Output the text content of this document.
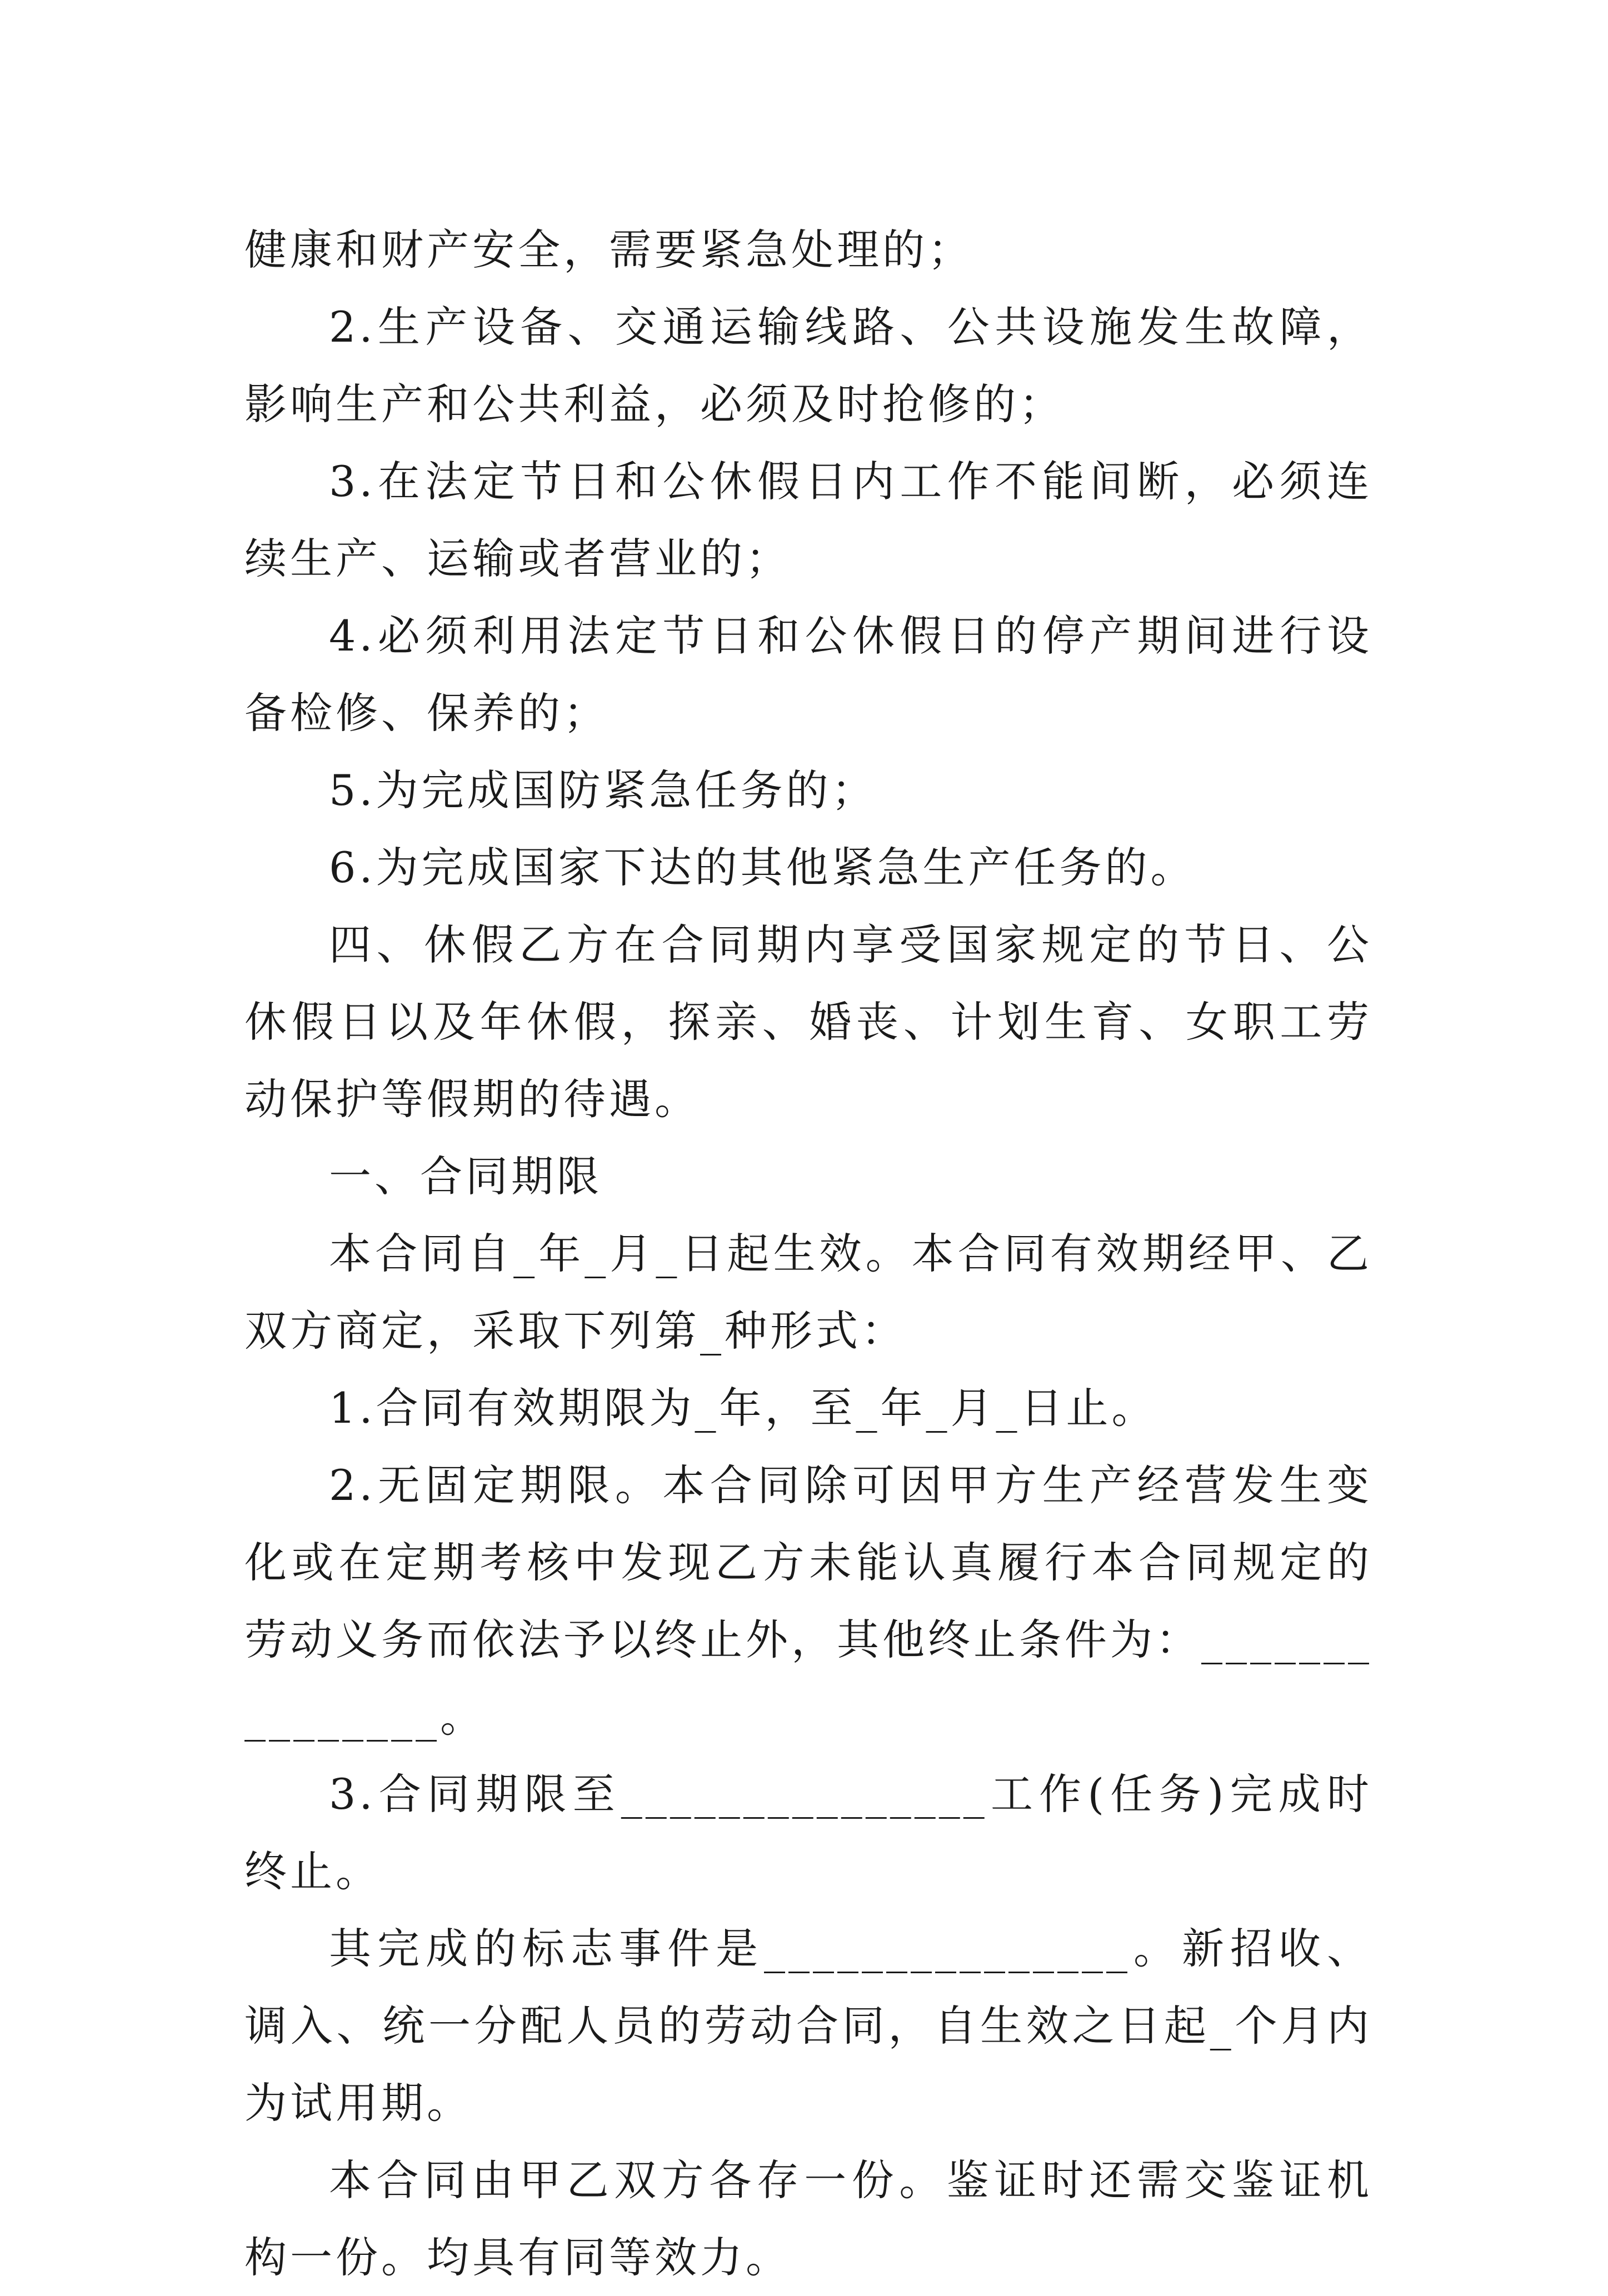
健康和财产安全，需要紧急处理的；

2.生产设备、交通运输线路、公共设施发生故障，影响生产和公共利益，必须及时抢修的；

3.在法定节日和公休假日内工作不能间断，必须连续生产、运输或者营业的；

4.必须利用法定节日和公休假日的停产期间进行设备检修、保养的；

5.为完成国防紧急任务的；

6.为完成国家下达的其他紧急生产任务的。

四、休假乙方在合同期内享受国家规定的节日、公休假日以及年休假，探亲、婚丧、计划生育、女职工劳动保护等假期的待遇。

一、合同期限

本合同自_年_月_日起生效。本合同有效期经甲、乙双方商定，采取下列第_种形式：

1.合同有效期限为_年，至_年_月_日止。

2.无固定期限。本合同除可因甲方生产经营发生变化或在定期考核中发现乙方未能认真履行本合同规定的劳动义务而依法予以终止外，其他终止条件为：_______________。

3.合同期限至_______________工作(任务)完成时终止。

其完成的标志事件是_______________。新招收、调入、统一分配人员的劳动合同，自生效之日起_个月内为试用期。

本合同由甲乙双方各存一份。鉴证时还需交鉴证机构一份。均具有同等效力。
